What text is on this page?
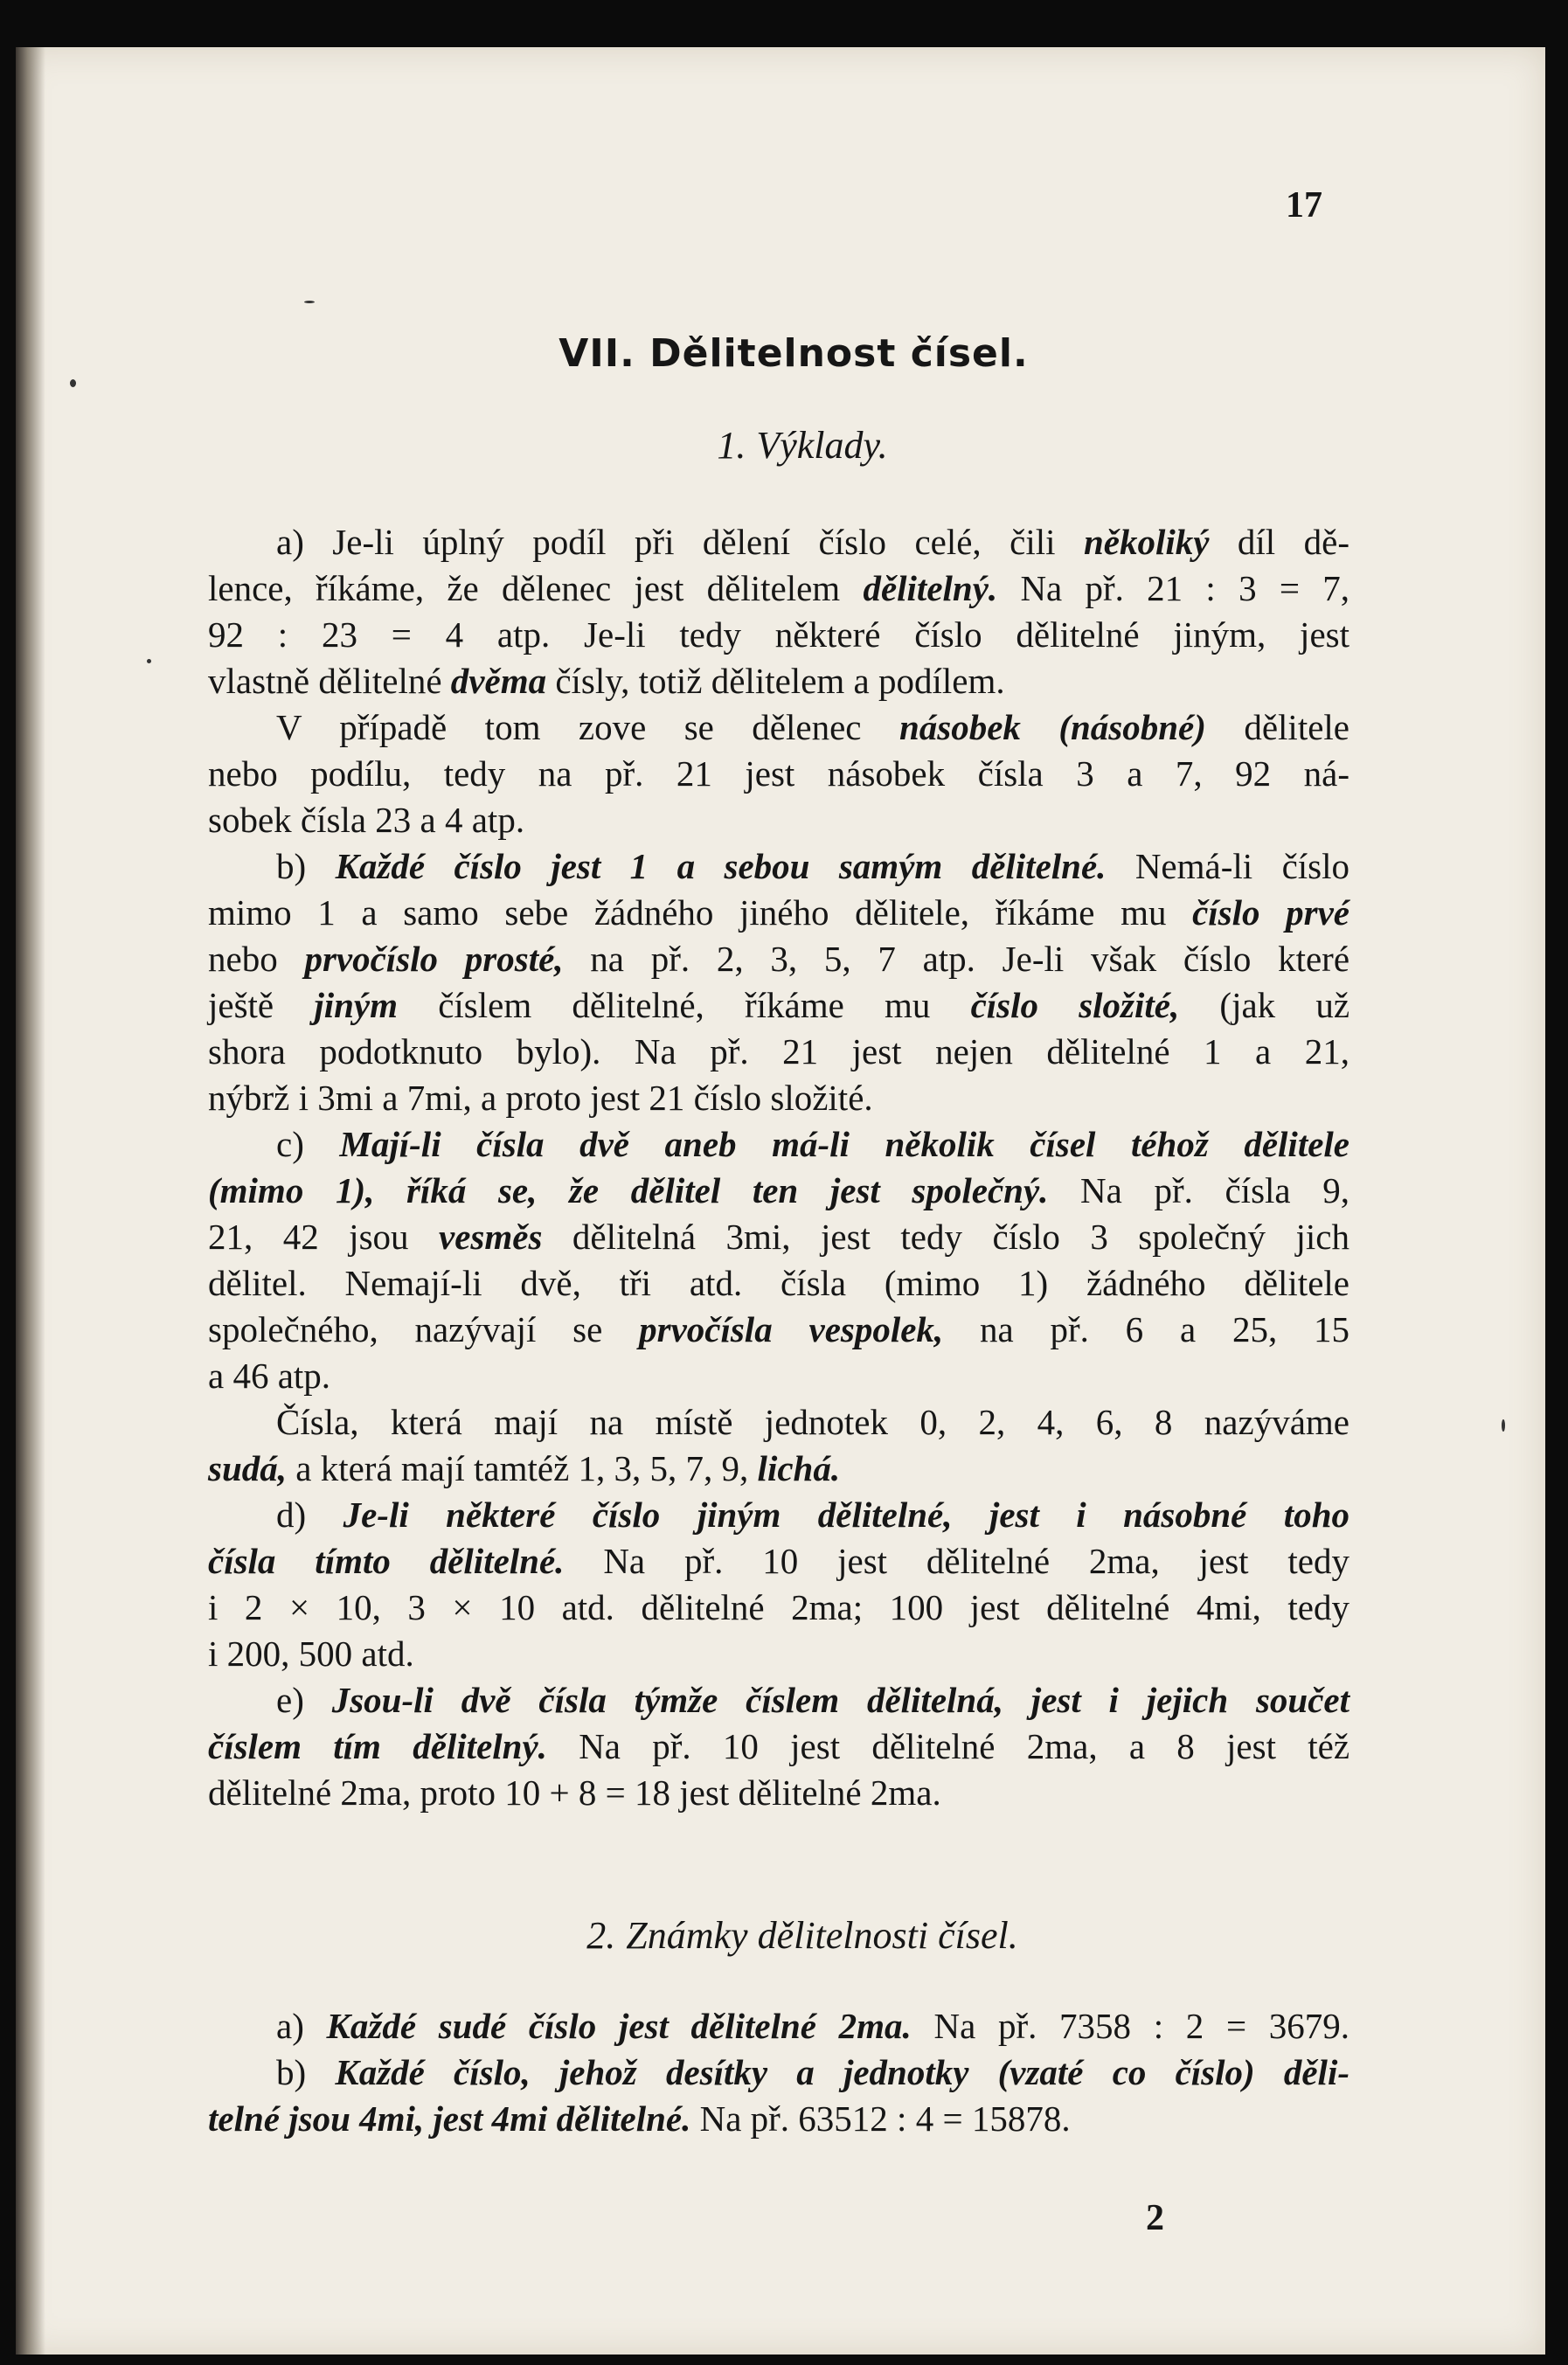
17
VII. Dělitelnost čísel.
1. Výklady.
a) Je-li úplný podíl při dělení číslo celé, čili několiký díl dě-
lence, říkáme, že dělenec jest dělitelem dělitelný. Na př. 21 : 3 = 7,
92 : 23 = 4 atp. Je-li tedy některé číslo dělitelné jiným, jest
vlastně dělitelné dvěma čísly, totiž dělitelem a podílem.
V případě tom zove se dělenec násobek (násobné) dělitele
nebo podílu, tedy na př. 21 jest násobek čísla 3 a 7, 92 ná-
sobek čísla 23 a 4 atp.
b) Každé číslo jest 1 a sebou samým dělitelné. Nemá-li číslo
mimo 1 a samo sebe žádného jiného dělitele, říkáme mu číslo prvé
nebo prvočíslo prosté, na př. 2, 3, 5, 7 atp. Je-li však číslo které
ještě jiným číslem dělitelné, říkáme mu číslo složité, (jak už
shora podotknuto bylo). Na př. 21 jest nejen dělitelné 1 a 21,
nýbrž i 3mi a 7mi, a proto jest 21 číslo složité.
c) Mají-li čísla dvě aneb má-li několik čísel téhož dělitele
(mimo 1), říká se, že dělitel ten jest společný. Na př. čísla 9,
21, 42 jsou vesměs dělitelná 3mi, jest tedy číslo 3 společný jich
dělitel. Nemají-li dvě, tři atd. čísla (mimo 1) žádného dělitele
společného, nazývají se prvočísla vespolek, na př. 6 a 25, 15
a 46 atp.
Čísla, která mají na místě jednotek 0, 2, 4, 6, 8 nazýváme
sudá, a která mají tamtéž 1, 3, 5, 7, 9, lichá.
d) Je-li některé číslo jiným dělitelné, jest i násobné toho
čísla tímto dělitelné. Na př. 10 jest dělitelné 2ma, jest tedy
i 2 × 10, 3 × 10 atd. dělitelné 2ma; 100 jest dělitelné 4mi, tedy
i 200, 500 atd.
e) Jsou-li dvě čísla týmže číslem dělitelná, jest i jejich součet
číslem tím dělitelný. Na př. 10 jest dělitelné 2ma, a 8 jest též
dělitelné 2ma, proto 10 + 8 = 18 jest dělitelné 2ma.
2. Známky dělitelnosti čísel.
a) Každé sudé číslo jest dělitelné 2ma. Na př. 7358 : 2 = 3679.
b) Každé číslo, jehož desítky a jednotky (vzaté co číslo) děli-
telné jsou 4mi, jest 4mi dělitelné. Na př. 63512 : 4 = 15878.
2
